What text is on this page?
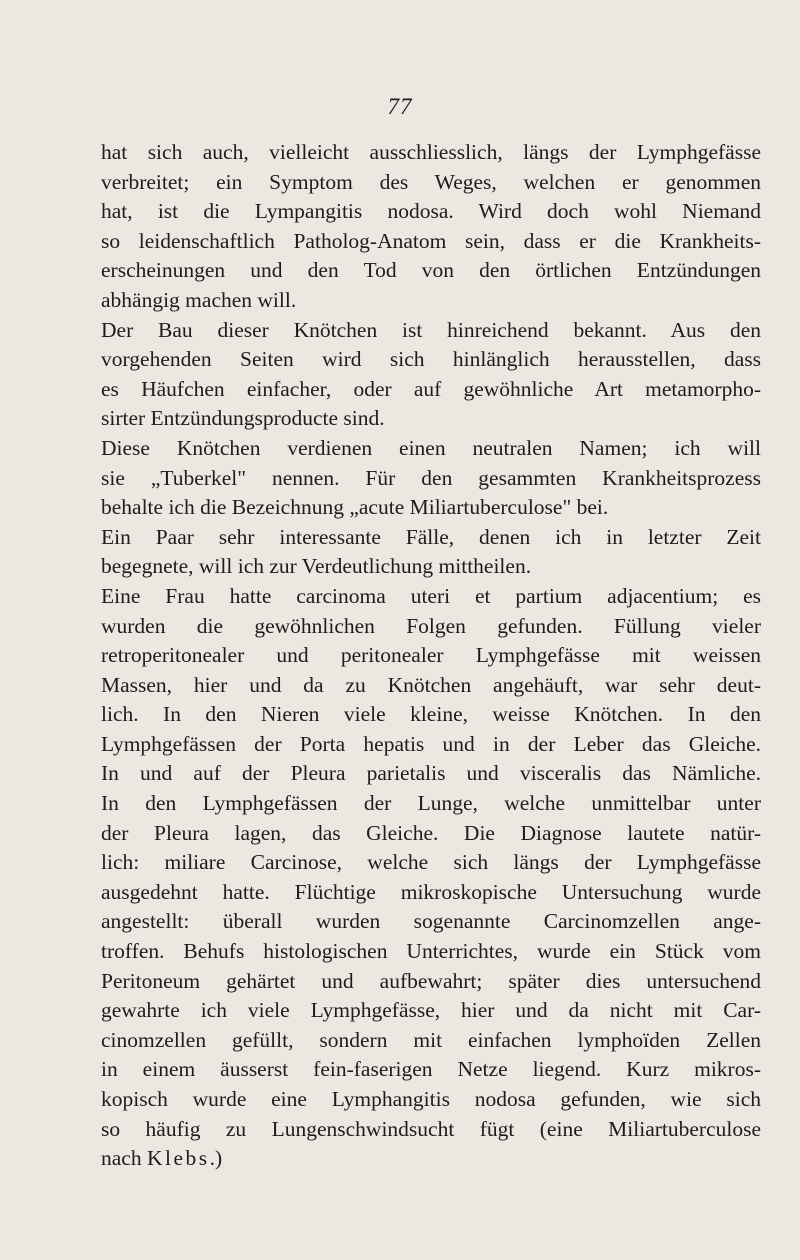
77
hat sich auch, vielleicht ausschliesslich, längs der Lymphgefässe
verbreitet; ein Symptom des Weges, welchen er genommen
hat, ist die Lympangitis nodosa. Wird doch wohl Niemand
so leidenschaftlich Patholog-Anatom sein, dass er die Krankheits-
erscheinungen und den Tod von den örtlichen Entzündungen
abhängig machen will.
Der Bau dieser Knötchen ist hinreichend bekannt. Aus den
vorgehenden Seiten wird sich hinlänglich herausstellen, dass
es Häufchen einfacher, oder auf gewöhnliche Art metamorpho-
sirter Entzündungsproducte sind.
Diese Knötchen verdienen einen neutralen Namen; ich will
sie „Tuberkel" nennen. Für den gesammten Krankheitsprozess
behalte ich die Bezeichnung „acute Miliartuberculose" bei.
Ein Paar sehr interessante Fälle, denen ich in letzter Zeit
begegnete, will ich zur Verdeutlichung mittheilen.
Eine Frau hatte carcinoma uteri et partium adjacentium; es
wurden die gewöhnlichen Folgen gefunden. Füllung vieler
retroperitonealer und peritonealer Lymphgefässe mit weissen
Massen, hier und da zu Knötchen angehäuft, war sehr deut-
lich. In den Nieren viele kleine, weisse Knötchen. In den
Lymphgefässen der Porta hepatis und in der Leber das Gleiche.
In und auf der Pleura parietalis und visceralis das Nämliche.
In den Lymphgefässen der Lunge, welche unmittelbar unter
der Pleura lagen, das Gleiche. Die Diagnose lautete natür-
lich: miliare Carcinose, welche sich längs der Lymphgefässe
ausgedehnt hatte. Flüchtige mikroskopische Untersuchung wurde
angestellt: überall wurden sogenannte Carcinomzellen ange-
troffen. Behufs histologischen Unterrichtes, wurde ein Stück vom
Peritoneum gehärtet und aufbewahrt; später dies untersuchend
gewahrte ich viele Lymphgefässe, hier und da nicht mit Car-
cinomzellen gefüllt, sondern mit einfachen lymphoïden Zellen
in einem äusserst fein-faserigen Netze liegend. Kurz mikros-
kopisch wurde eine Lymphangitis nodosa gefunden, wie sich
so häufig zu Lungenschwindsucht fügt (eine Miliartuberculose
nach Klebs.)
